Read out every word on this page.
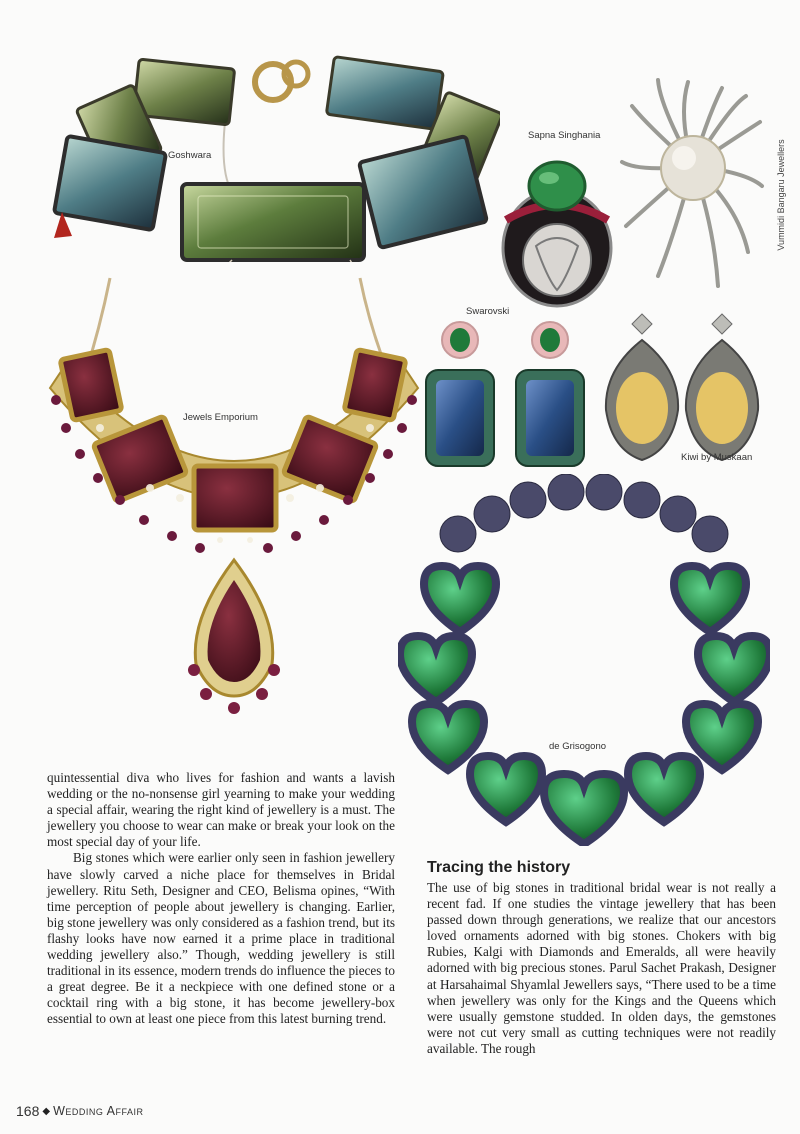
Goshwara
Jewels Emporium
Sapna Singhania
Vummidi Bangaru Jewellers
Swarovski
Kiwi by Muskaan
de Grisogono

quintessential diva who lives for fashion and wants a lavish wedding or the no-nonsense girl yearning to make your wedding a special affair, wearing the right kind of jewellery is a must. The jewellery you choose to wear can make or break your look on the most special day of your life.

Big stones which were earlier only seen in fashion jewellery have slowly carved a niche place for themselves in Bridal jewellery. Ritu Seth, Designer and CEO, Belisma opines, “With time perception of people about jewellery is changing. Earlier, big stone jewellery was only considered as a fashion trend, but its flashy looks have now earned it a prime place in traditional wedding jewellery also.” Though, wedding jewellery is still traditional in its essence, modern trends do influence the pieces to a great degree. Be it a neckpiece with one defined stone or a cocktail ring with a big stone, it has become jewellery-box essential to own at least one piece from this latest burning trend.

Tracing the history

The use of big stones in traditional bridal wear is not really a recent fad. If one studies the vintage jewellery that has been passed down through generations, we realize that our ancestors loved ornaments adorned with big stones. Chokers with big Rubies, Kalgi with Diamonds and Emeralds, all were heavily adorned with big precious stones. Parul Sachet Prakash, Designer at Harsahaimal Shyamlal Jewellers says, “There used to be a time when jewellery was only for the Kings and the Queens which were usually gemstone studded. In olden days, the gemstones were not cut very small as cutting techniques were not readily available. The rough

168 ◆ Wedding Affair
